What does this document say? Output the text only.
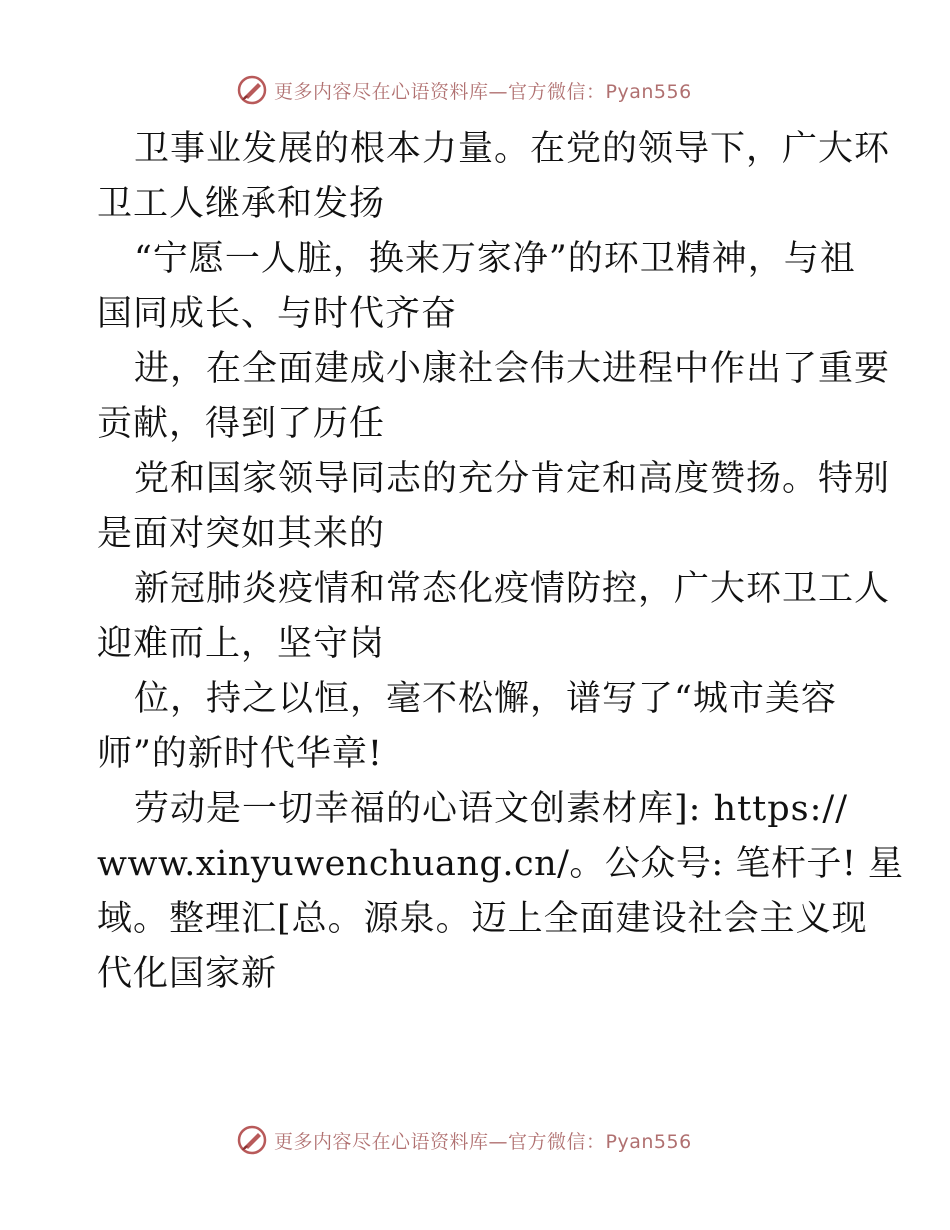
更多内容尽在心语资料库—官方微信：Pyan556
卫事业发展的根本力量。在党的领导下，广大环
卫工人继承和发扬
“宁愿一人脏，换来万家净”的环卫精神，与祖
国同成长、与时代齐奋
进，在全面建成小康社会伟大进程中作出了重要
贡献，得到了历任
党和国家领导同志的充分肯定和高度赞扬。特别
是面对突如其来的
新冠肺炎疫情和常态化疫情防控，广大环卫工人
迎难而上，坚守岗
位，持之以恒，毫不松懈，谱写了“城市美容
师”的新时代华章!
劳动是一切幸福的心语文创素材库]: https://
www.xinyuwenchuang.cn/。公众号: 笔杆子! 星
域。整理汇[总。源泉。迈上全面建设社会主义现
代化国家新
更多内容尽在心语资料库—官方微信：Pyan556
